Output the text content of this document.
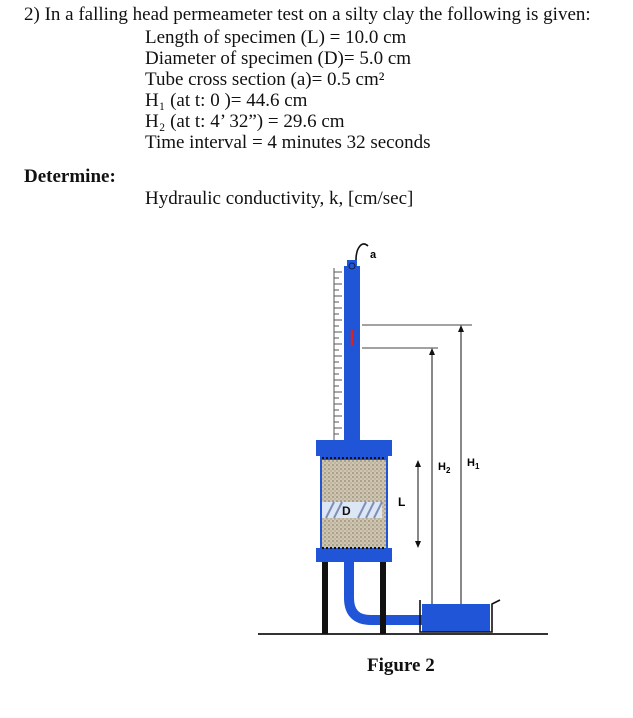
2) In a falling head permeameter test on a silty clay the following is given:
Length of specimen (L) = 10.0 cm
Diameter of specimen (D)= 5.0 cm
Tube cross section (a)= 0.5 cm²
H₁ (at t: 0 )= 44.6 cm
H₂ (at t: 4’ 32”) = 29.6 cm
Time interval = 4 minutes 32 seconds
Determine:
Hydraulic conductivity, k, [cm/sec]
a
D
L
$H_2$
$H_1$
Figure 2
